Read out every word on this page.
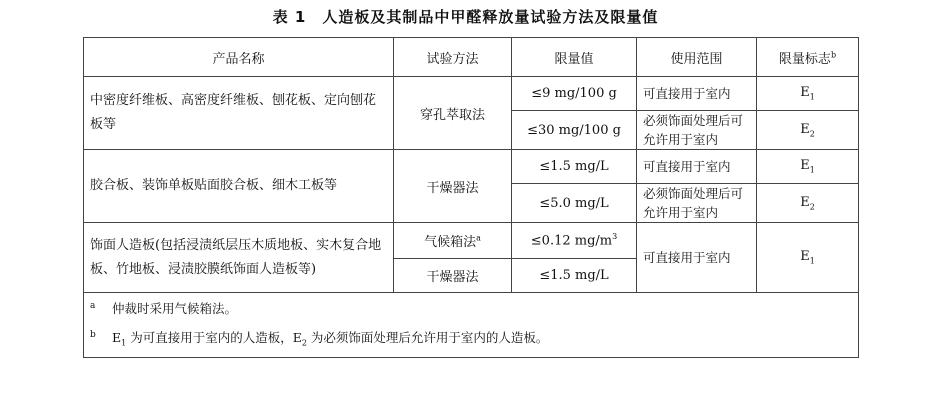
表 1　人造板及其制品中甲醛释放量试验方法及限量值
产品名称	试验方法	限量值	使用范围	限量标志$^b$
中密度纤维板、高密度纤维板、刨花板、定向刨花板等	穿孔萃取法	≤9 mg/100 g	可直接用于室内	$E_1$
		≤30 mg/100 g	必须饰面处理后可允许用于室内	$E_2$
胶合板、装饰单板贴面胶合板、细木工板等	干燥器法	≤1.5 mg/L	可直接用于室内	$E_1$
		≤5.0 mg/L	必须饰面处理后可允许用于室内	$E_2$
饰面人造板(包括浸渍纸层压木质地板、实木复合地板、竹地板、浸渍胶膜纸饰面人造板等)	气候箱法$^a$	≤0.12 $mg/m^3$	可直接用于室内	$E_1$
	干燥器法	≤1.5 mg/L		

a 仲裁时采用气候箱法。
b $E_1$ 为可直接用于室内的人造板，$E_2$ 为必须饰面处理后允许用于室内的人造板。				
